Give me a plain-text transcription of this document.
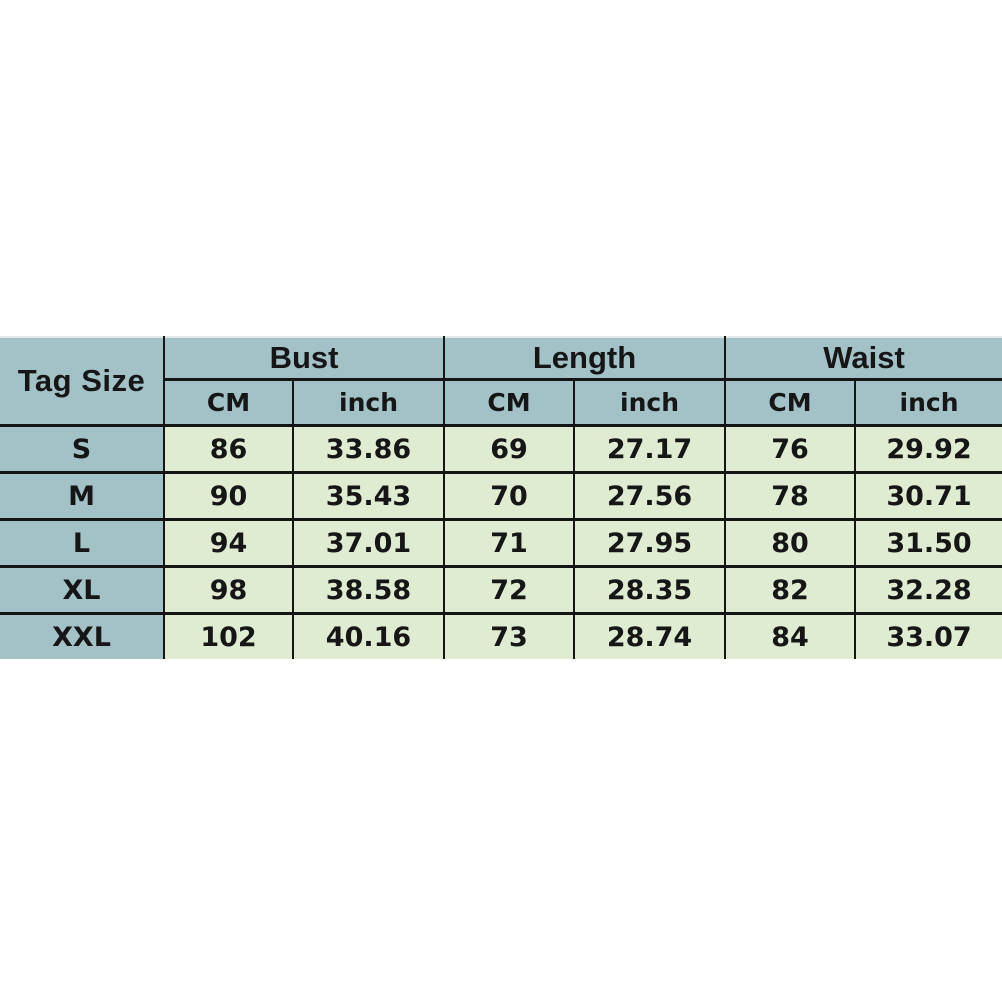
Tag Size	Bust		Length		Waist	
	CM	inch	CM	inch	CM	inch
S	86	33.86	69	27.17	76	29.92
M	90	35.43	70	27.56	78	30.71
L	94	37.01	71	27.95	80	31.50
XL	98	38.58	72	28.35	82	32.28
XXL	102	40.16	73	28.74	84	33.07
